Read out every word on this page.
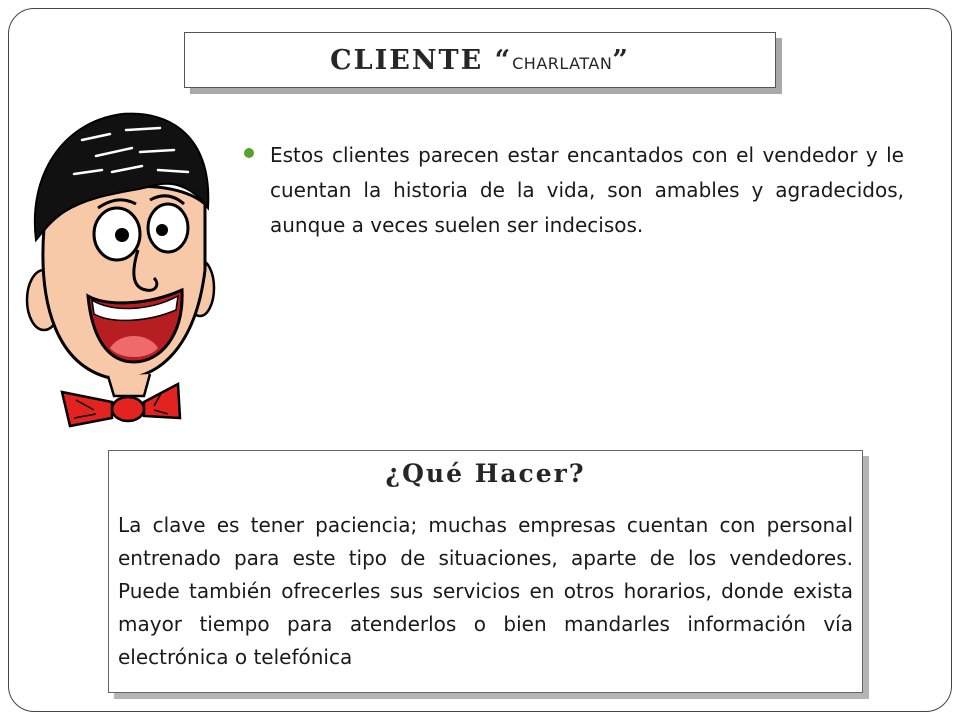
CLIENTE “CHARLATAN”

Estos clientes parecen estar encantados con el vendedor y le cuentan la historia de la vida, son amables y agradecidos, aunque a veces suelen ser indecisos.

¿Qué Hacer?

La clave es tener paciencia; muchas empresas cuentan con personal entrenado para este tipo de situaciones, aparte de los vendedores. Puede también ofrecerles sus servicios en otros horarios, donde exista mayor tiempo para atenderlos o bien mandarles información vía electrónica o telefónica
